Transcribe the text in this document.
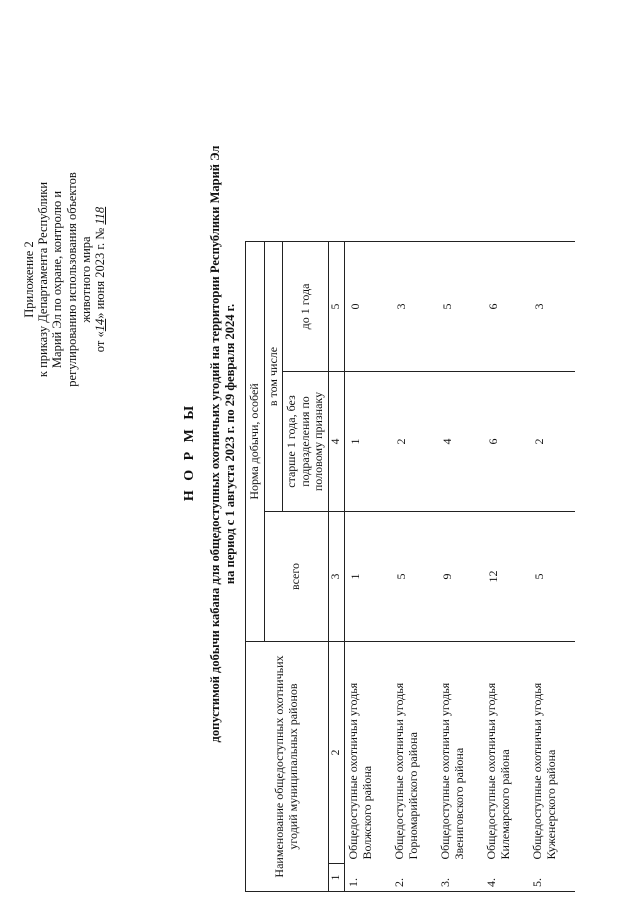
Приложение 2 к приказу Департамента Республики Марий Эл по охране, контролю и регулированию использования объектов животного мира
от «14» июня 2023 г. № 118
Н О Р М Ы допустимой добычи кабана для общедоступных охотничьих угодий на территории Республики Марий Эл на период с 1 августа 2023 г. по 29 февраля 2024 г.
Наименование общедоступных охотничьих угодий муниципальных районов		Норма добычи, особей		
		всего	в том числе	
			старше 1 года, без подразделения по половому признаку	до 1 года
1	2	3	4	5
1.	Общедоступные охотничьи угодья Волжского района	1	1	0
2.	Общедоступные охотничьи угодья Горномарийского района	5	2	3
3.	Общедоступные охотничьи угодья Звениговского района	9	4	5
4.	Общедоступные охотничьи угодья Килемарского района	12	6	6
5.	Общедоступные охотничьи угодья Куженерского района	5	2	3
